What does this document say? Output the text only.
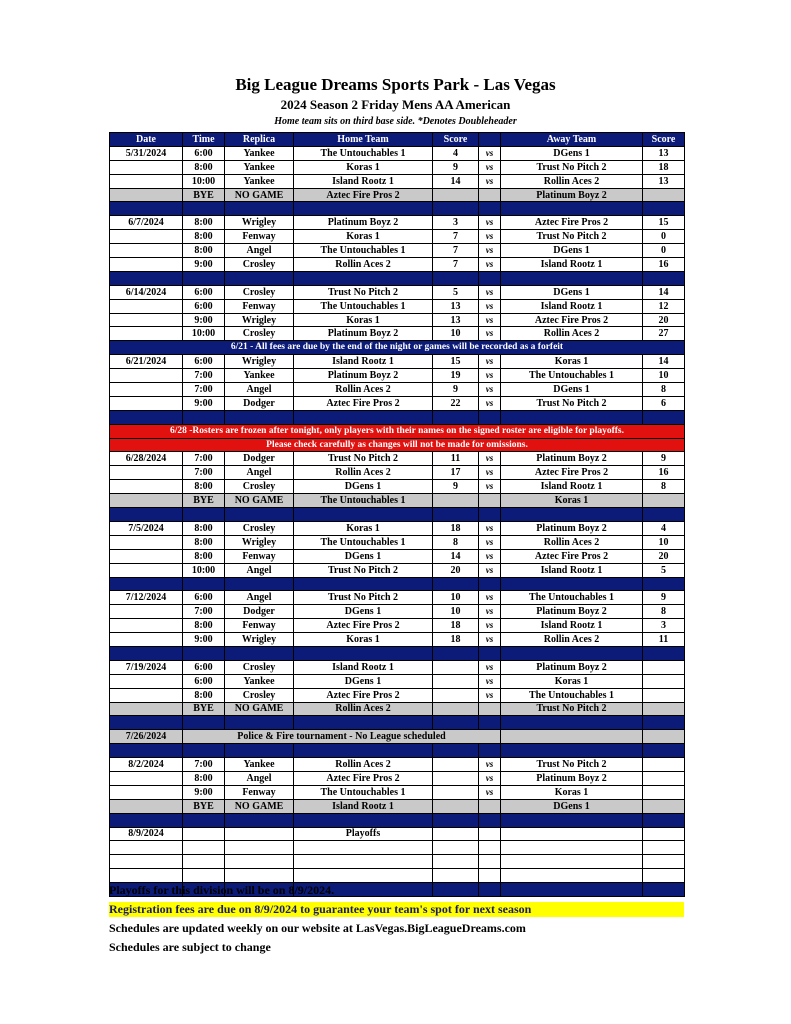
Big League Dreams Sports Park - Las Vegas
2024 Season 2 Friday Mens AA American
Home team sits on third base side. *Denotes Doubleheader
Date	Time	Replica	Home Team	Score		Away Team	Score
5/31/2024	6:00	Yankee	The Untouchables 1	4	vs	DGens 1	13
	8:00	Yankee	Koras 1	9	vs	Trust No Pitch 2	18
	10:00	Yankee	Island Rootz 1	14	vs	Rollin Aces 2	13
	BYE	NO GAME	Aztec Fire Pros 2			Platinum Boyz 2	

6/7/2024	8:00	Wrigley	Platinum Boyz 2	3	vs	Aztec Fire Pros 2	15
	8:00	Fenway	Koras 1	7	vs	Trust No Pitch 2	0
	8:00	Angel	The Untouchables 1	7	vs	DGens 1	0
	9:00	Crosley	Rollin Aces 2	7	vs	Island Rootz 1	16

6/14/2024	6:00	Crosley	Trust No Pitch 2	5	vs	DGens 1	14
	6:00	Fenway	The Untouchables 1	13	vs	Island Rootz 1	12
	9:00	Wrigley	Koras 1	13	vs	Aztec Fire Pros 2	20
	10:00	Crosley	Platinum Boyz 2	10	vs	Rollin Aces 2	27
6/21 - All fees are due by the end of the night or games will be recorded as a forfeit							
6/21/2024	6:00	Wrigley	Island Rootz 1	15	vs	Koras 1	14
	7:00	Yankee	Platinum Boyz 2	19	vs	The Untouchables 1	10
	7:00	Angel	Rollin Aces 2	9	vs	DGens 1	8
	9:00	Dodger	Aztec Fire Pros 2	22	vs	Trust No Pitch 2	6

6/28 -Rosters are frozen after tonight, only players with their names on the signed roster are eligible for playoffs.							
Please check carefully as changes will not be made for omissions.							
6/28/2024	7:00	Dodger	Trust No Pitch 2	11	vs	Platinum Boyz 2	9
	7:00	Angel	Rollin Aces 2	17	vs	Aztec Fire Pros 2	16
	8:00	Crosley	DGens 1	9	vs	Island Rootz 1	8
	BYE	NO GAME	The Untouchables 1			Koras 1	

7/5/2024	8:00	Crosley	Koras 1	18	vs	Platinum Boyz 2	4
	8:00	Wrigley	The Untouchables 1	8	vs	Rollin Aces 2	10
	8:00	Fenway	DGens 1	14	vs	Aztec Fire Pros 2	20
	10:00	Angel	Trust No Pitch 2	20	vs	Island Rootz 1	5

7/12/2024	6:00	Angel	Trust No Pitch 2	10	vs	The Untouchables 1	9
	7:00	Dodger	DGens 1	10	vs	Platinum Boyz 2	8
	8:00	Fenway	Aztec Fire Pros 2	18	vs	Island Rootz 1	3
	9:00	Wrigley	Koras 1	18	vs	Rollin Aces 2	11

7/19/2024	6:00	Crosley	Island Rootz 1		vs	Platinum Boyz 2	
	6:00	Yankee	DGens 1		vs	Koras 1	
	8:00	Crosley	Aztec Fire Pros 2		vs	The Untouchables 1	
	BYE	NO GAME	Rollin Aces 2			Trust No Pitch 2	

7/26/2024	Police & Fire tournament - No League scheduled						

8/2/2024	7:00	Yankee	Rollin Aces 2		vs	Trust No Pitch 2	
	8:00	Angel	Aztec Fire Pros 2		vs	Platinum Boyz 2	
	9:00	Fenway	The Untouchables 1		vs	Koras 1	
	BYE	NO GAME	Island Rootz 1			DGens 1	

8/9/2024			Playoffs				

Playoffs for this division will be on 8/9/2024.
Registration fees are due on 8/9/2024 to guarantee your team's spot for next season
Schedules are updated weekly on our website at LasVegas.BigLeagueDreams.com
Schedules are subject to change
